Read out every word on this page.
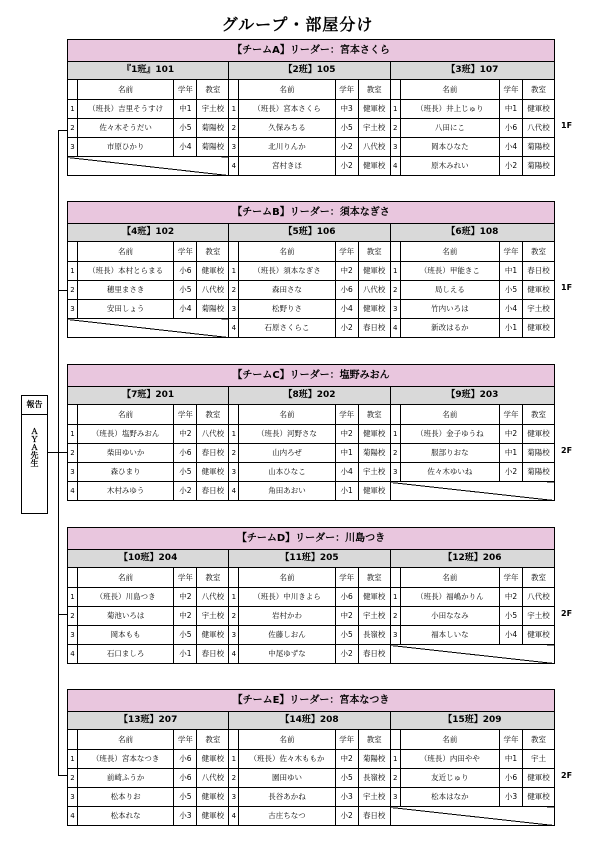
グループ・部屋分け
報告
ＡＹＡ先生
【チームA】リーダー：宮本さくら
『1班』101
	名前	学年	教室
1	（班長）吉里そうすけ	中1	宇土校
2	佐々木そうだい	小5	菊陽校
3	市原ひかり	小4	菊陽校

【2班】105
	名前	学年	教室
1	（班長）宮本さくら	中3	健軍校
2	久保みちる	小5	宇土校
3	北川りんか	小2	八代校
4	宮村きほ	小2	健軍校
【3班】107
	名前	学年	教室
1	（班長）井上じゅり	中1	健軍校
2	八田にこ	小6	八代校
3	岡本ひなた	小4	菊陽校
4	原木みれい	小2	菊陽校
1F
【チームB】リーダー：須本なぎさ
【4班】102
	名前	学年	教室
1	（班長）本村とらまる	小6	健軍校
2	穂里まさき	小5	八代校
3	安田しょう	小4	菊陽校

【5班】106
	名前	学年	教室
1	（班長）須本なぎさ	中2	健軍校
2	森田さな	小6	八代校
3	松野りさ	小4	健軍校
4	石原さくらこ	小2	春日校
【6班】108
	名前	学年	教室
1	（班長）甲能きこ	中1	春日校
2	局しえる	小5	健軍校
3	竹内いろは	小4	宇土校
4	新改はるか	小1	健軍校
1F
【チームC】リーダー：塩野みおん
【7班】201
	名前	学年	教室
1	（班長）塩野みおん	中2	八代校
2	柴田ゆいか	小6	春日校
3	森ひまり	小5	健軍校
4	木村みゆう	小2	春日校
【8班】202
	名前	学年	教室
1	（班長）河野さな	中2	健軍校
2	山内ろぜ	中1	菊陽校
3	山本ひなこ	小4	宇土校
4	角田あおい	小1	健軍校
【9班】203
	名前	学年	教室
1	（班長）金子ゆうね	中2	健軍校
2	服部りおな	中1	菊陽校
3	佐々木ゆいね	小2	菊陽校

2F
【チームD】リーダー：川島つき
【10班】204
	名前	学年	教室
1	（班長）川島つき	中2	八代校
2	菊池いろは	中2	宇土校
3	岡本もも	小5	健軍校
4	石口ましろ	小1	春日校
【11班】205
	名前	学年	教室
1	（班長）中川きよら	小6	健軍校
2	岩村かわ	中2	宇土校
3	佐藤しおん	小5	長嶺校
4	中尾ゆずな	小2	春日校
【12班】206
	名前	学年	教室
1	（班長）福嶋かりん	中2	八代校
2	小田ななみ	小5	宇土校
3	福本しいな	小4	健軍校

2F
【チームE】リーダー：宮本なつき
【13班】207
	名前	学年	教室
1	（班長）宮本なつき	小6	健軍校
2	前崎ふうか	小6	八代校
3	松本りお	小5	健軍校
4	松本れな	小3	健軍校
【14班】208
	名前	学年	教室
1	（班長）佐々木ももか	中2	菊陽校
2	園田ゆい	小5	長嶺校
3	長谷あかね	小3	宇土校
4	古庄ちなつ	小2	春日校
【15班】209
	名前	学年	教室
1	（班長）内田やや	中1	宇土
2	友近じゅり	小6	健軍校
3	松本はなか	小3	健軍校

2F
